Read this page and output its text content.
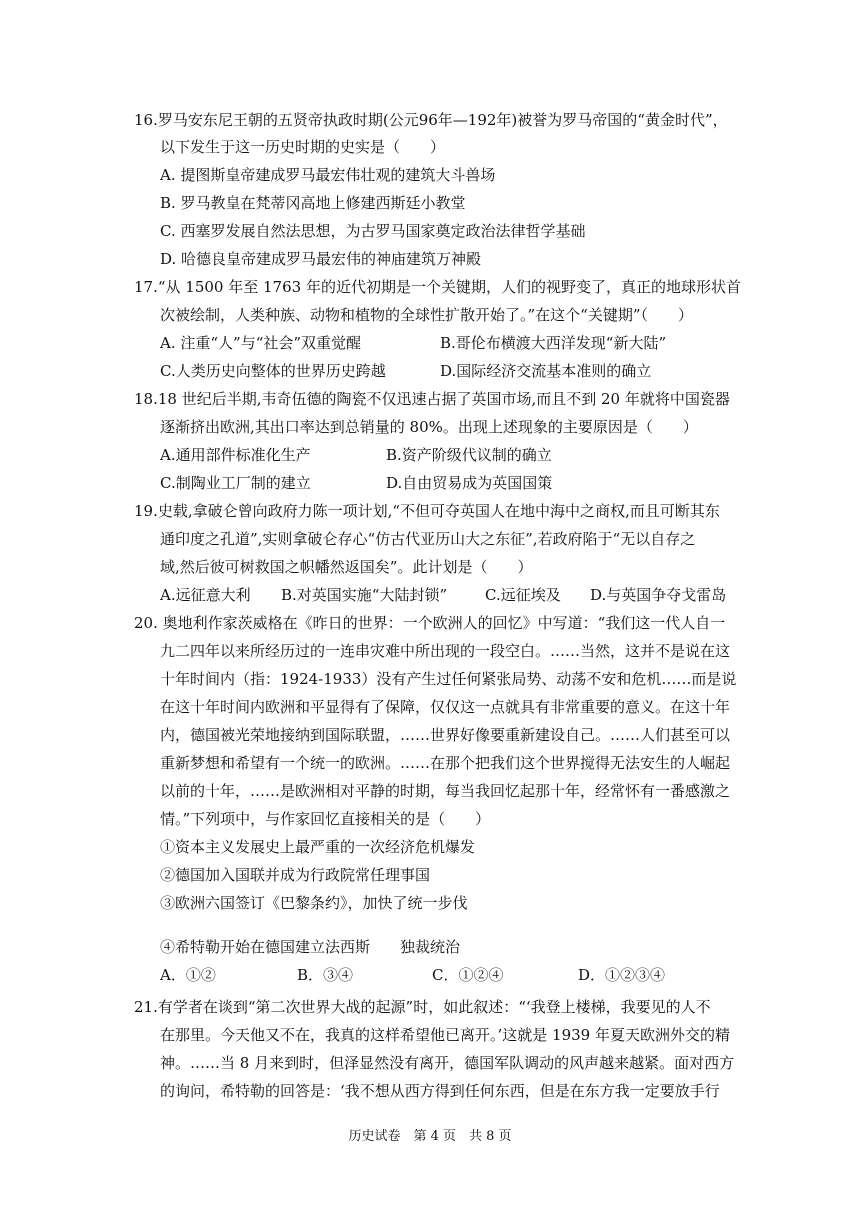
16.罗马安东尼王朝的五贤帝执政时期(公元96年—192年)被誉为罗马帝国的“黄金时代”，
以下发生于这一历史时期的史实是（　　）
A. 提图斯皇帝建成罗马最宏伟壮观的建筑大斗兽场
B. 罗马教皇在梵蒂冈高地上修建西斯廷小教堂
C. 西塞罗发展自然法思想，为古罗马国家奠定政治法律哲学基础
D. 哈德良皇帝建成罗马最宏伟的神庙建筑万神殿
17.“从 1500 年至 1763 年的近代初期是一个关键期，人们的视野变了，真正的地球形状首
次被绘制，人类种族、动物和植物的全球性扩散开始了。”在这个“关键期”（　　）
A. 注重“人”与“社会”双重觉醒	B.哥伦布横渡大西洋发现“新大陆”
C.人类历史向整体的世界历史跨越	D.国际经济交流基本准则的确立
18.18 世纪后半期,韦奇伍德的陶瓷不仅迅速占据了英国市场,而且不到 20 年就将中国瓷器
逐渐挤出欧洲,其出口率达到总销量的 80%。出现上述现象的主要原因是（　　）
A.通用部件标准化生产	B.资产阶级代议制的确立
C.制陶业工厂制的建立	D.自由贸易成为英国国策
19.史载,拿破仑曾向政府力陈一项计划,“不但可夺英国人在地中海中之商权,而且可断其东
通印度之孔道”,实则拿破仑存心“仿古代亚历山大之东征”,若政府陷于“无以自存之
域,然后彼可树救国之帜幡然返国矣”。此计划是（　　）
A.远征意大利 B.对英国实施“大陆封锁”	C.远征埃及 D.与英国争夺戈雷岛
20. 奥地利作家茨威格在《昨日的世界：一个欧洲人的回忆》中写道：“我们这一代人自一
九二四年以来所经历过的一连串灾难中所出现的一段空白。……当然，这并不是说在这
十年时间内（指：1924-1933）没有产生过任何紧张局势、动荡不安和危机……而是说
在这十年时间内欧洲和平显得有了保障，仅仅这一点就具有非常重要的意义。在这十年
内，德国被光荣地接纳到国际联盟，……世界好像要重新建设自己。……人们甚至可以
重新梦想和希望有一个统一的欧洲。……在那个把我们这个世界搅得无法安生的人崛起
以前的十年，……是欧洲相对平静的时期，每当我回忆起那十年，经常怀有一番感激之
情。”下列项中，与作家回忆直接相关的是（　　）
①资本主义发展史上最严重的一次经济危机爆发
②德国加入国联并成为行政院常任理事国
③欧洲六国签订《巴黎条约》，加快了统一步伐
④希特勒开始在德国建立法西斯　　独裁统治
A．①②	B．③④	C．①②④	D．①②③④
21.有学者在谈到“第二次世界大战的起源”时，如此叙述：“‘我登上楼梯，我要见的人不
在那里。今天他又不在，我真的这样希望他已离开。’这就是 1939 年夏天欧洲外交的精
神。……当 8 月来到时，但泽显然没有离开，德国军队调动的风声越来越紧。面对西方
的询问，希特勒的回答是：‘我不想从西方得到任何东西，但是在东方我一定要放手行
历史试卷　第 4 页　共 8 页
